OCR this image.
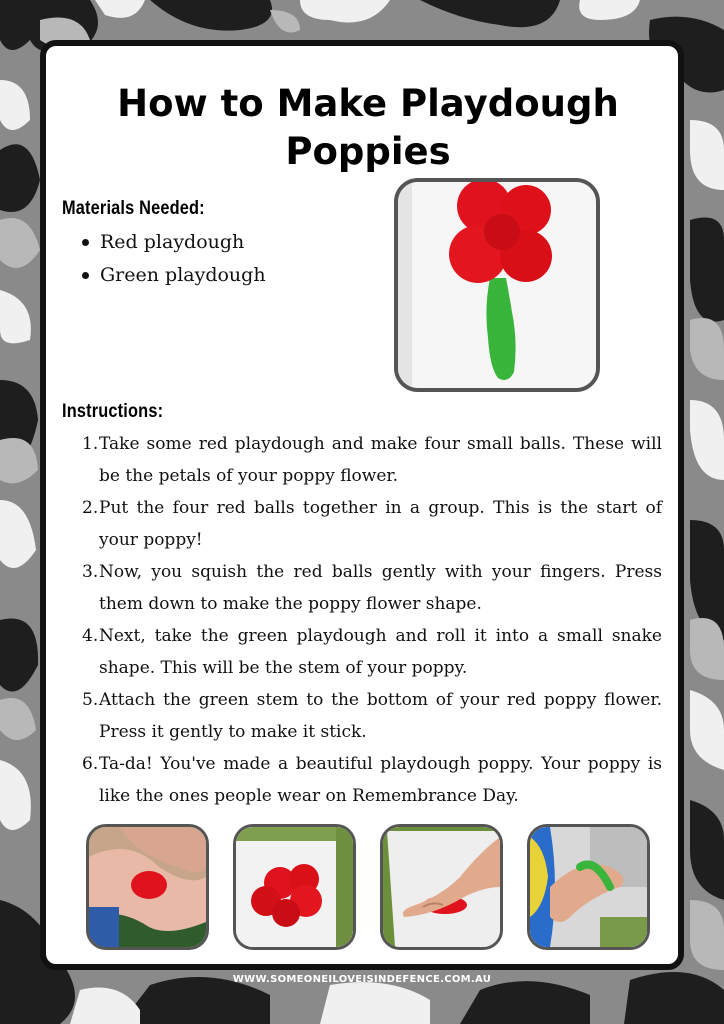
How to Make Playdough
Poppies
Materials Needed:
Red playdough
Green playdough
Instructions:
1. Take some red playdough and make four small balls. These will be the petals of your poppy flower.
2. Put the four red balls together in a group. This is the start of your poppy!
3. Now, you squish the red balls gently with your fingers. Press them down to make the poppy flower shape.
4. Next, take the green playdough and roll it into a small snake shape. This will be the stem of your poppy.
5. Attach the green stem to the bottom of your red poppy flower. Press it gently to make it stick.
6. Ta-da! You've made a beautiful playdough poppy. Your poppy is like the ones people wear on Remembrance Day.
WWW.SOMEONEILOVEISINDEFENCE.COM.AU
